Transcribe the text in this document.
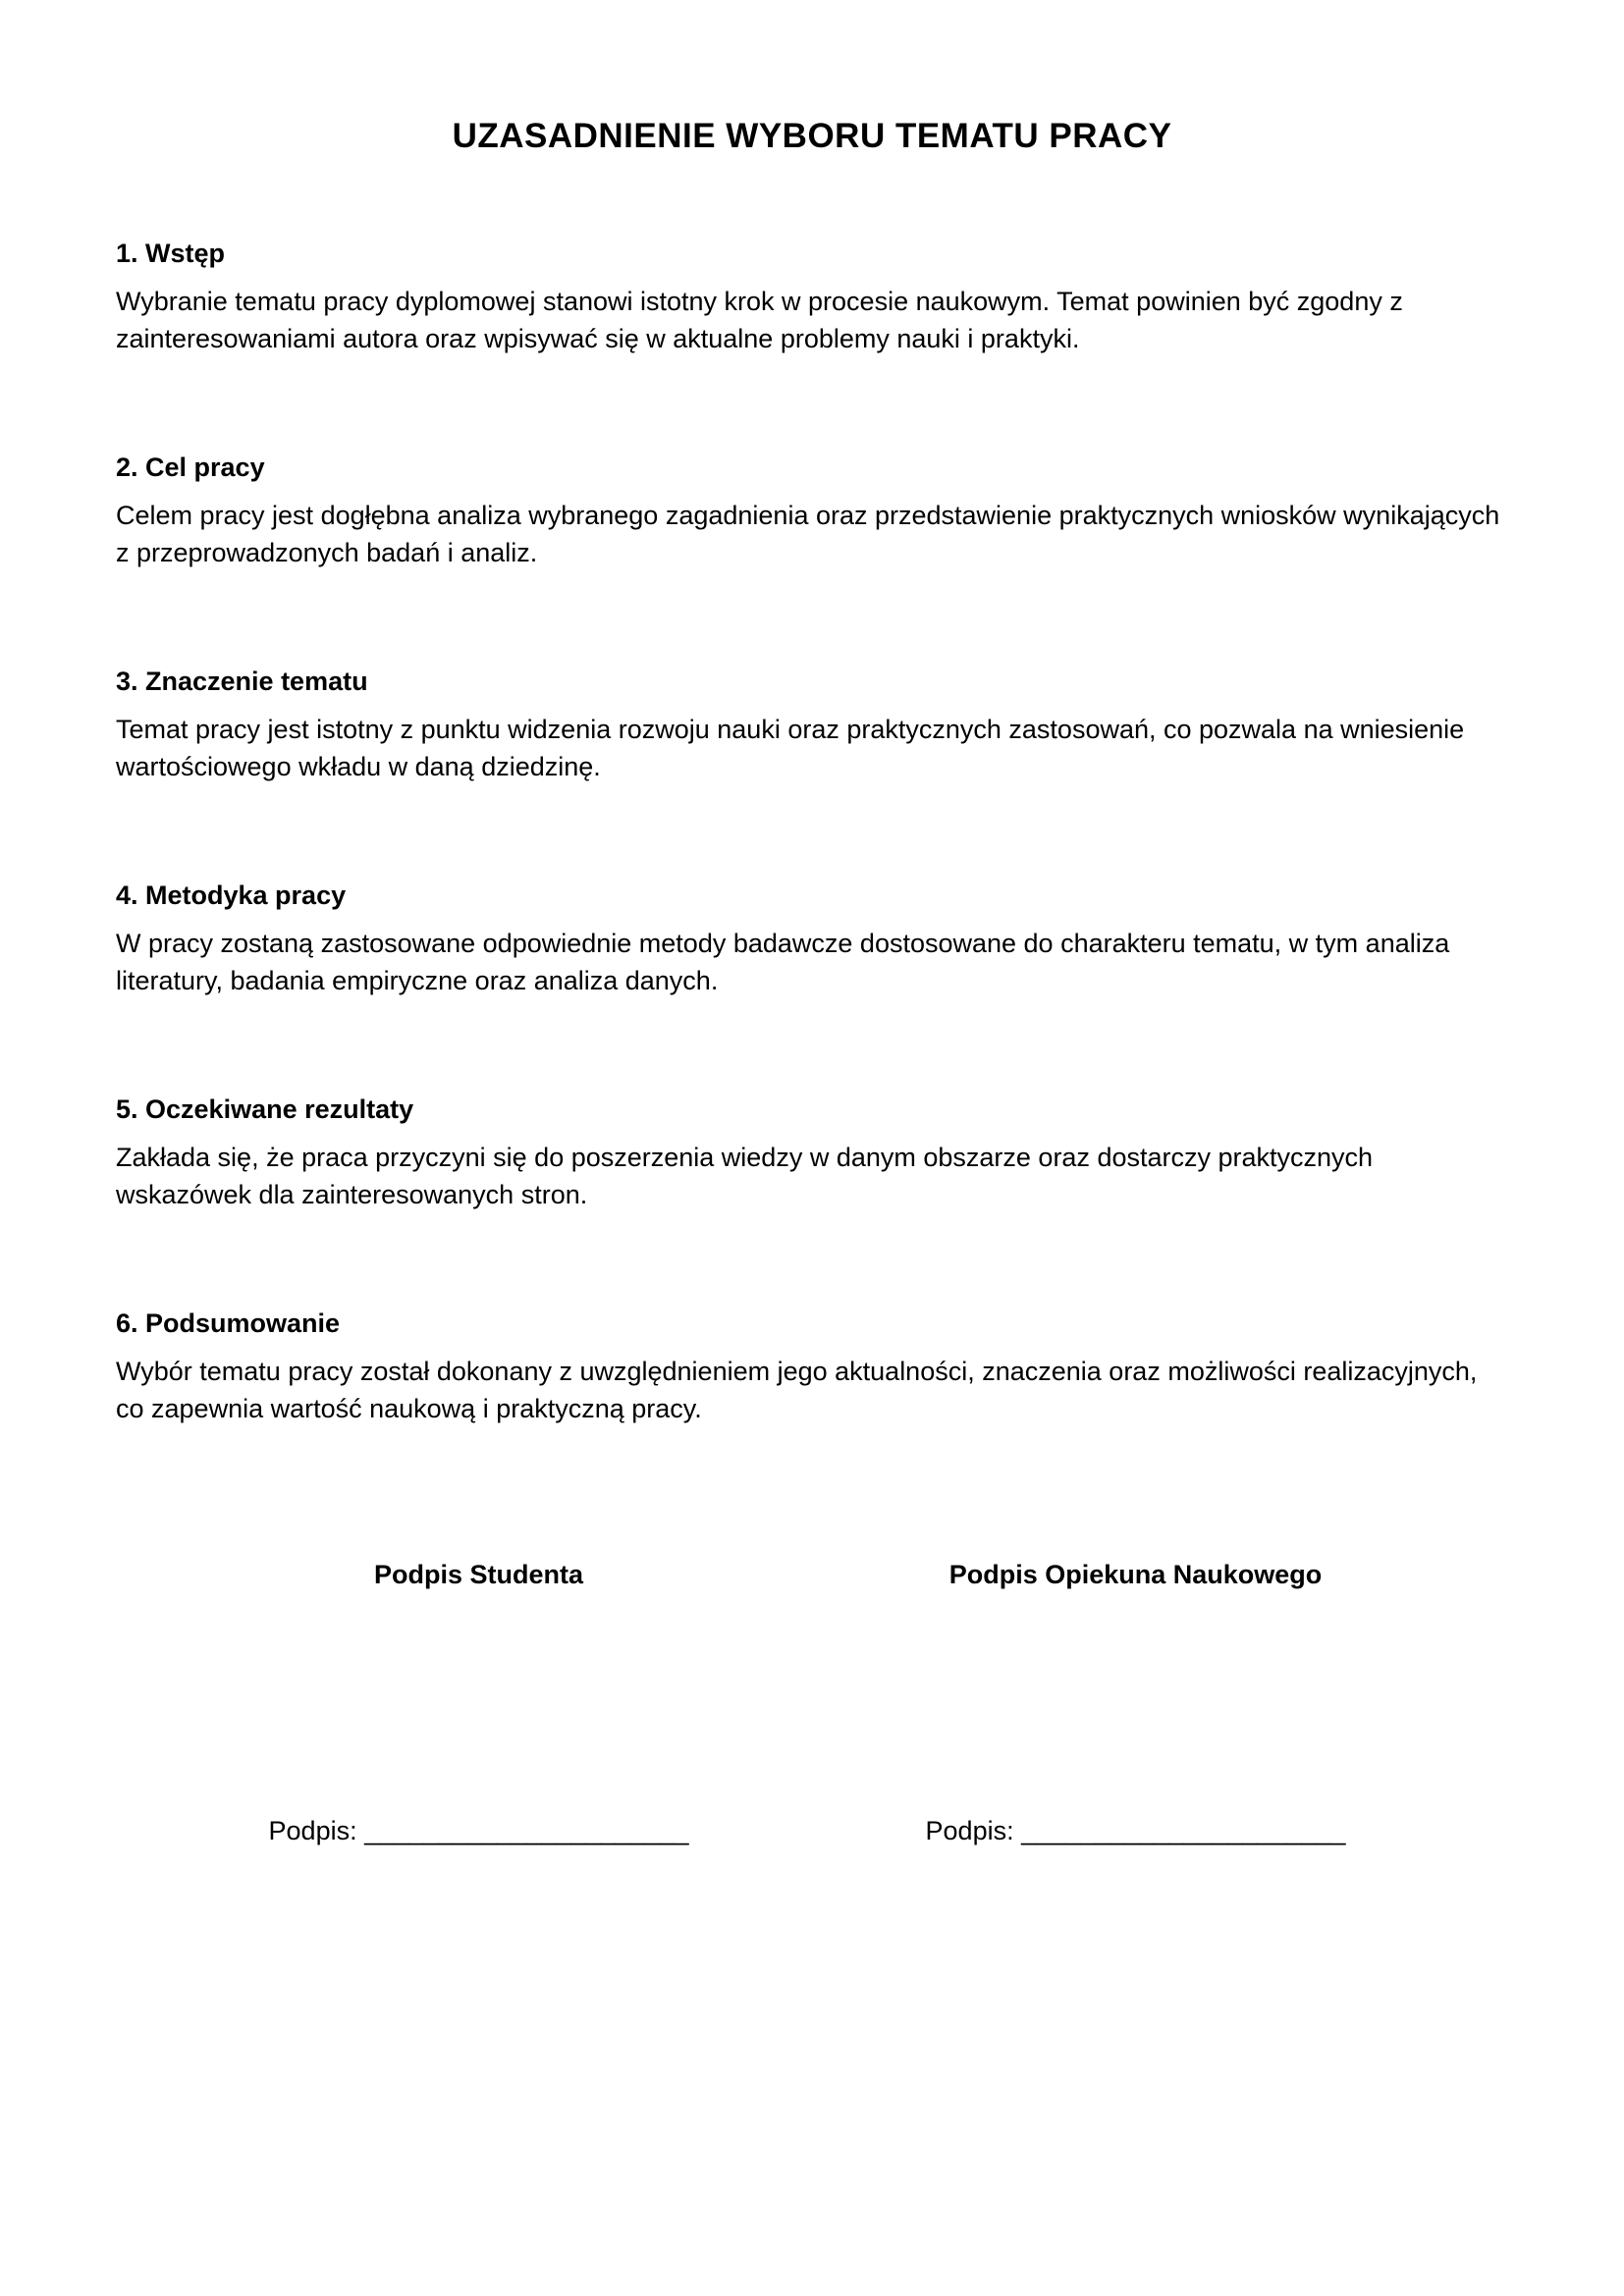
UZASADNIENIE WYBORU TEMATU PRACY
1. Wstęp

Wybranie tematu pracy dyplomowej stanowi istotny krok w procesie naukowym. Temat powinien być zgodny z zainteresowaniami autora oraz wpisywać się w aktualne problemy nauki i praktyki.

2. Cel pracy

Celem pracy jest dogłębna analiza wybranego zagadnienia oraz przedstawienie praktycznych wniosków wynikających z przeprowadzonych badań i analiz.

3. Znaczenie tematu

Temat pracy jest istotny z punktu widzenia rozwoju nauki oraz praktycznych zastosowań, co pozwala na wniesienie wartościowego wkładu w daną dziedzinę.

4. Metodyka pracy

W pracy zostaną zastosowane odpowiednie metody badawcze dostosowane do charakteru tematu, w tym analiza literatury, badania empiryczne oraz analiza danych.

5. Oczekiwane rezultaty

Zakłada się, że praca przyczyni się do poszerzenia wiedzy w danym obszarze oraz dostarczy praktycznych wskazówek dla zainteresowanych stron.

6. Podsumowanie

Wybór tematu pracy został dokonany z uwzględnieniem jego aktualności, znaczenia oraz możliwości realizacyjnych, co zapewnia wartość naukową i praktyczną pracy.

Podpis Studenta	Podpis Opiekuna Naukowego
Podpis: ______________________	Podpis: ______________________
